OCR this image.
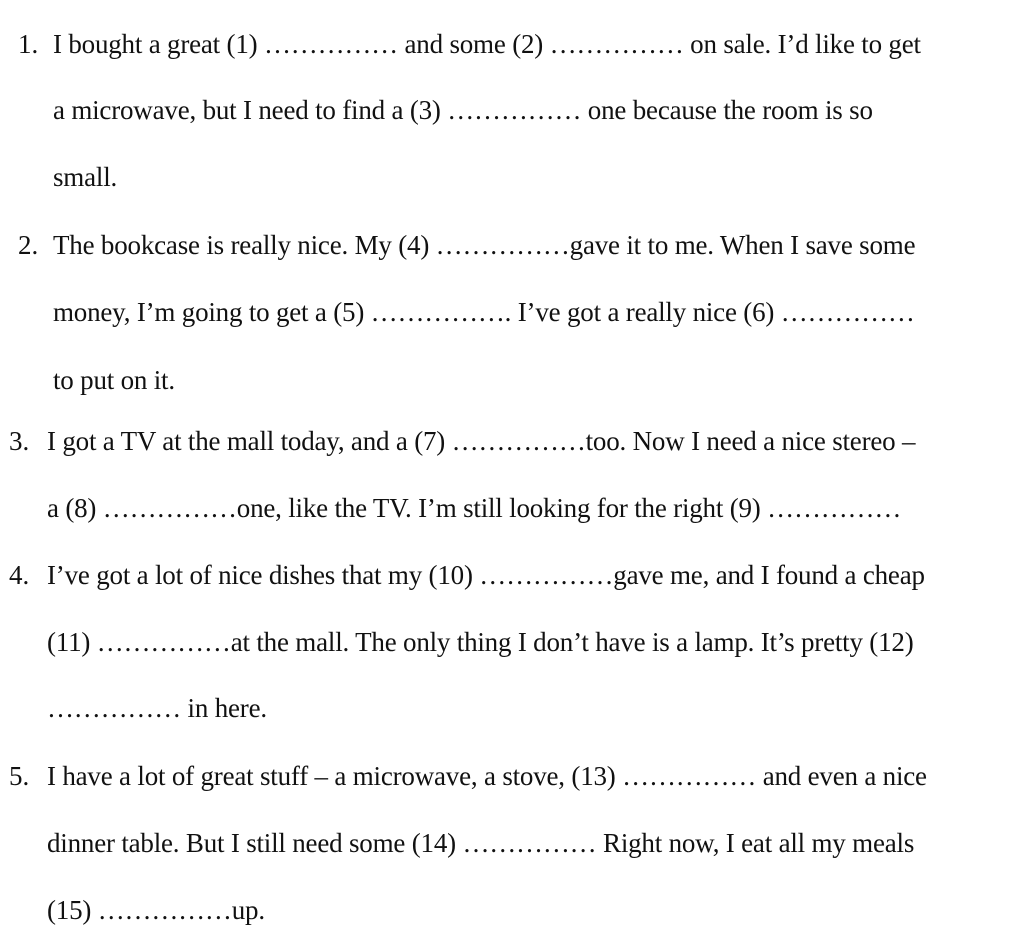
1. I bought a great (1) …………… and some (2) …………… on sale. I’d like to get
a microwave, but I need to find a (3) …………… one because the room is so
small.
2. The bookcase is really nice. My (4) ……………gave it to me. When I save some
money, I’m going to get a (5) ……………. I’ve got a really nice (6) ……………
to put on it.
3. I got a TV at the mall today, and a (7) ……………too. Now I need a nice stereo –
a (8) ……………one, like the TV. I’m still looking for the right (9) ……………
4. I’ve got a lot of nice dishes that my (10) ……………gave me, and I found a cheap
(11) ……………at the mall. The only thing I don’t have is a lamp. It’s pretty (12)
…………… in here.
5. I have a lot of great stuff – a microwave, a stove, (13) …………… and even a nice
dinner table. But I still need some (14) …………… Right now, I eat all my meals
(15) ……………up.
